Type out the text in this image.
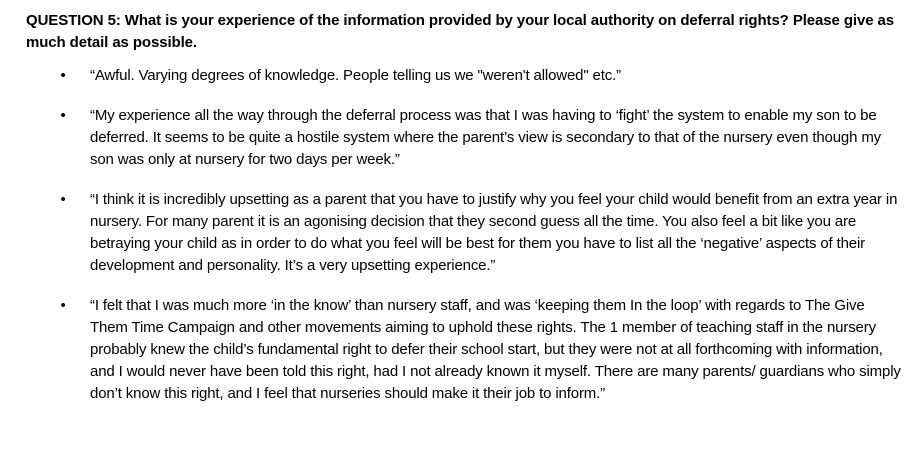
QUESTION 5: What is your experience of the information provided by your local authority on deferral rights? Please give as much detail as possible.

• “Awful. Varying degrees of knowledge. People telling us we "weren't allowed" etc.”
• “My experience all the way through the deferral process was that I was having to ‘fight’ the system to enable my son to be deferred. It seems to be quite a hostile system where the parent’s view is secondary to that of the nursery even though my son was only at nursery for two days per week.”
• “I think it is incredibly upsetting as a parent that you have to justify why you feel your child would benefit from an extra year in nursery. For many parent it is an agonising decision that they second guess all the time. You also feel a bit like you are betraying your child as in order to do what you feel will be best for them you have to list all the ‘negative’ aspects of their development and personality. It’s a very upsetting experience.”
• “I felt that I was much more ‘in the know’ than nursery staff, and was ‘keeping them In the loop’ with regards to The Give Them Time Campaign and other movements aiming to uphold these rights. The 1 member of teaching staff in the nursery probably knew the child’s fundamental right to defer their school start, but they were not at all forthcoming with information, and I would never have been told this right, had I not already known it myself. There are many parents/ guardians who simply don’t know this right, and I feel that nurseries should make it their job to inform.”
